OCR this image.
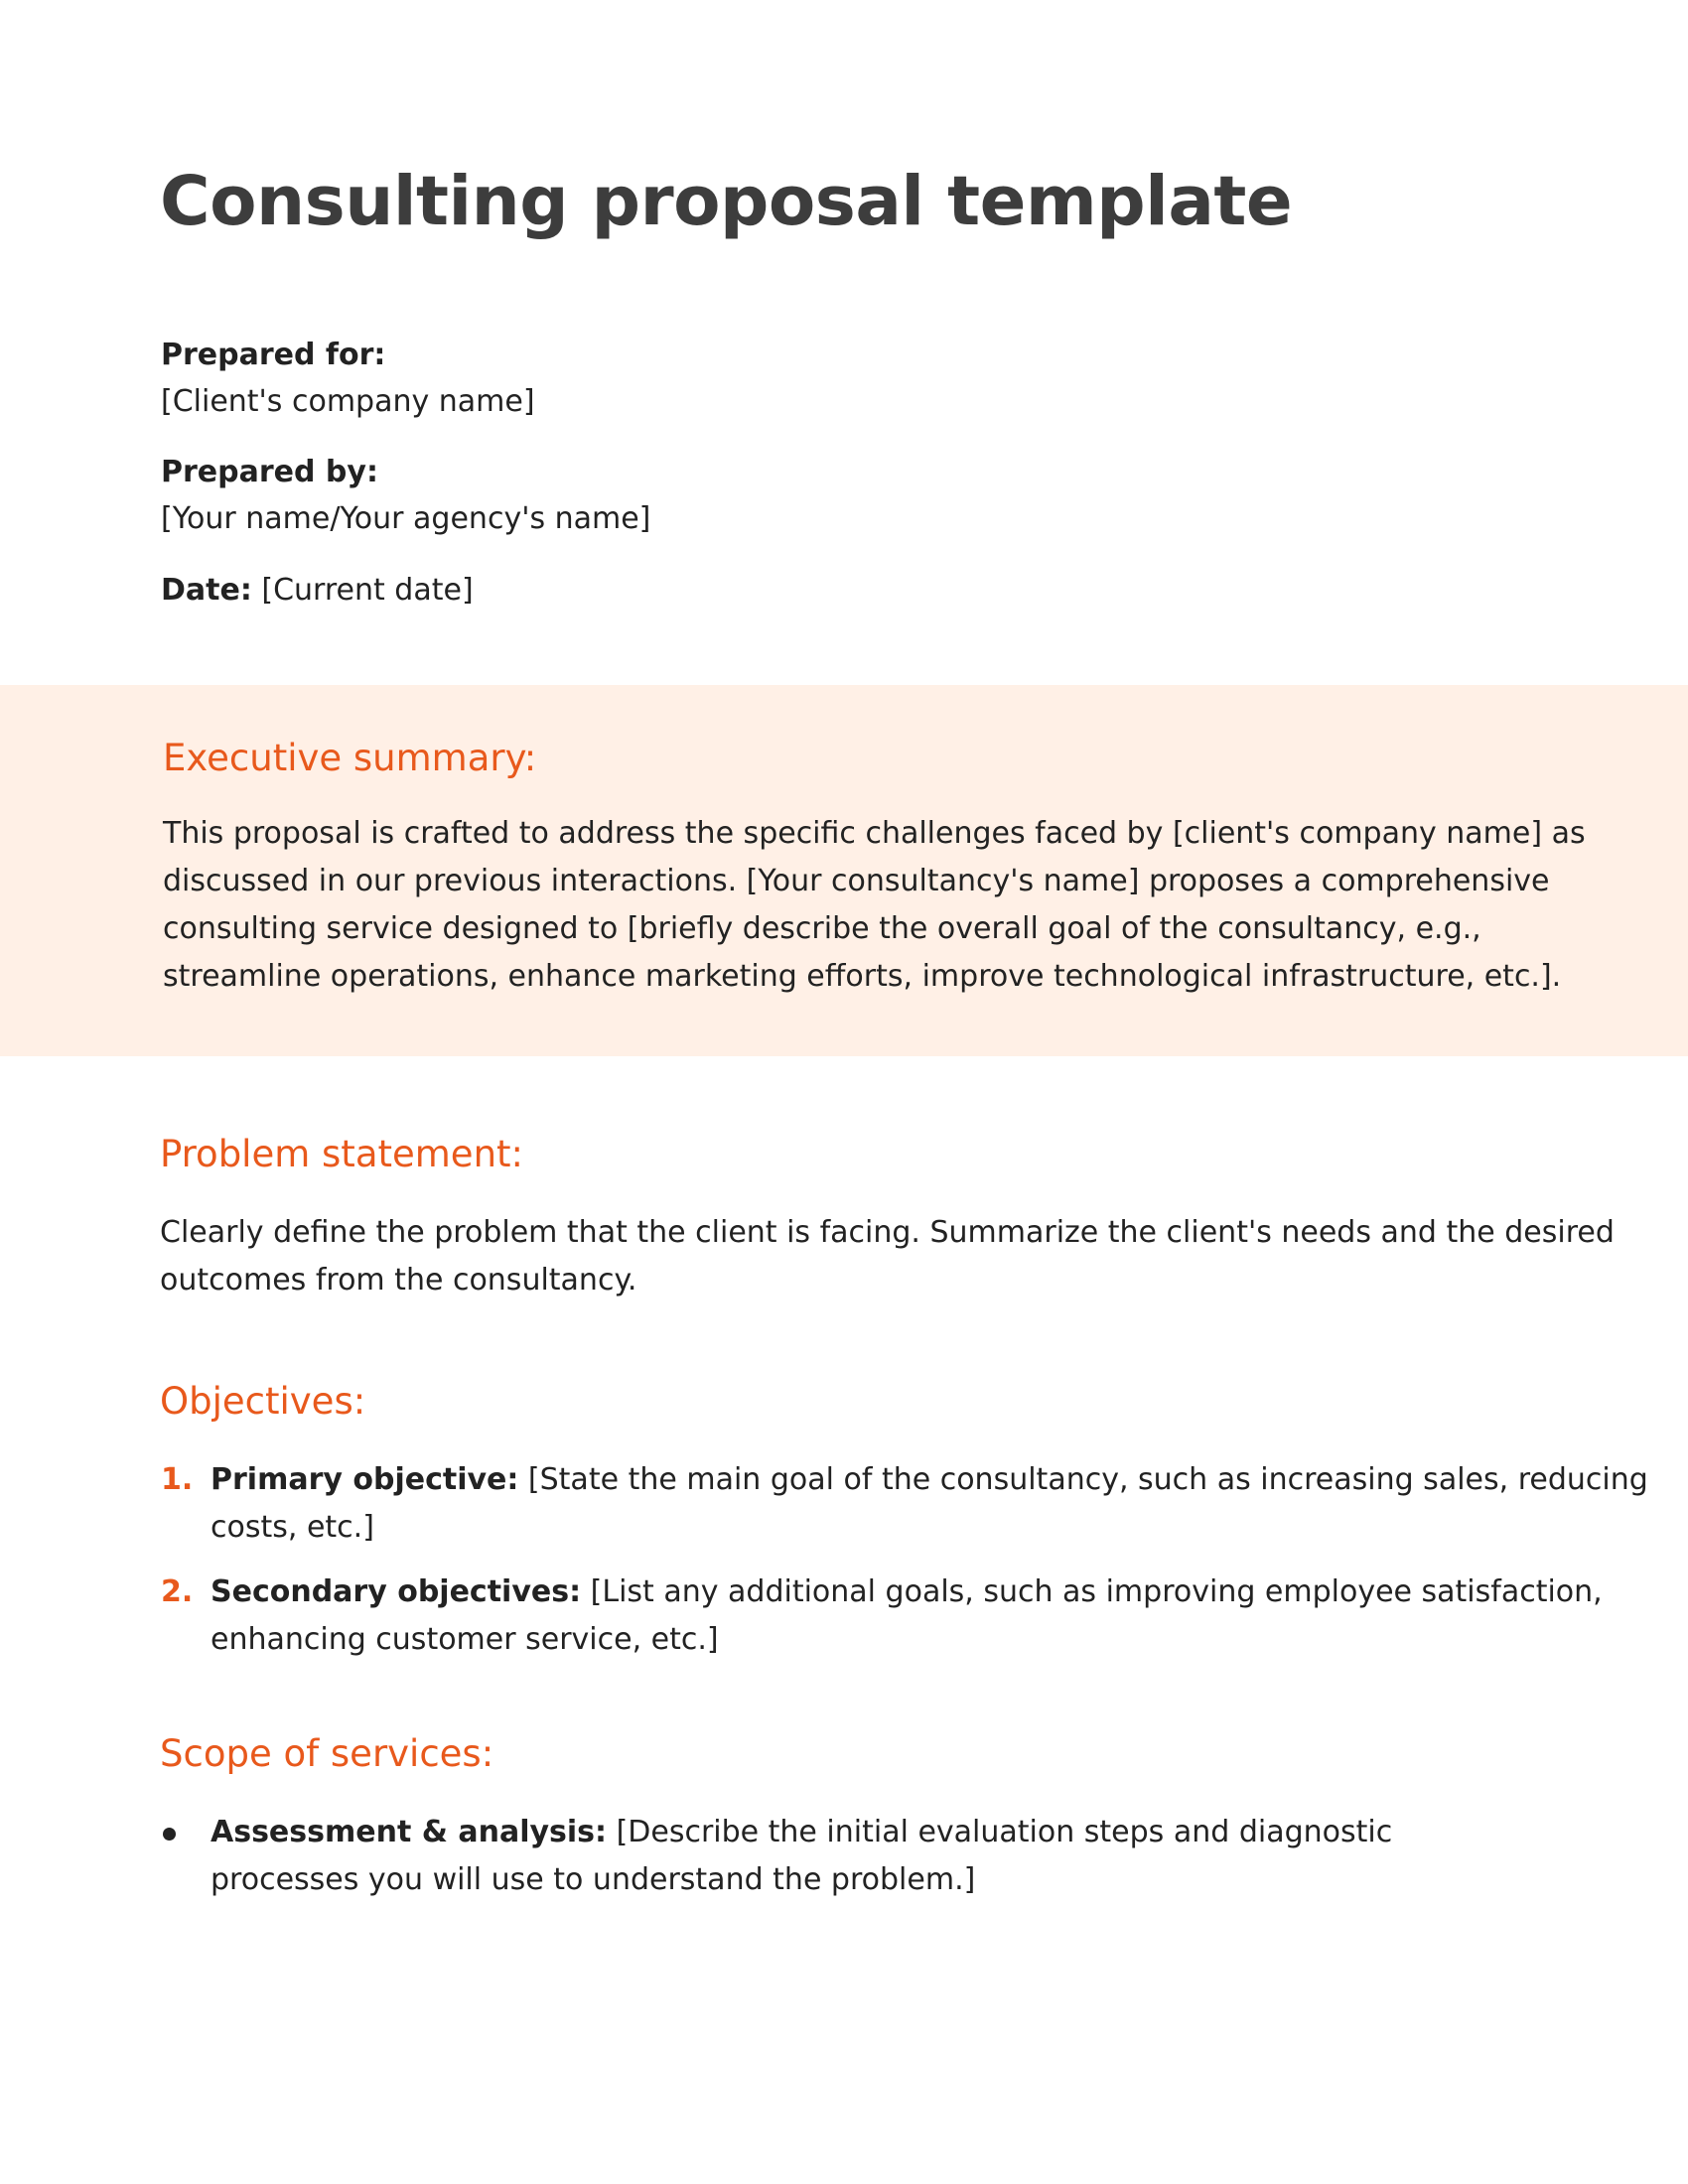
Consulting proposal template

Prepared for:

[Client's company name]

Prepared by:

[Your name/Your agency's name]

Date: [Current date]

Executive summary:

This proposal is crafted to address the specific challenges faced by [client's company name] as

discussed in our previous interactions. [Your consultancy's name] proposes a comprehensive

consulting service designed to [briefly describe the overall goal of the consultancy, e.g.,

streamline operations, enhance marketing efforts, improve technological infrastructure, etc.].

Problem statement:

Clearly define the problem that the client is facing. Summarize the client's needs and the desired

outcomes from the consultancy.

Objectives:
1. Primary objective: [State the main goal of the consultancy, such as increasing sales, reducing
costs, etc.]
2. Secondary objectives: [List any additional goals, such as improving employee satisfaction,
enhancing customer service, etc.]
Scope of services:
Assessment & analysis: [Describe the initial evaluation steps and diagnostic
processes you will use to understand the problem.]
